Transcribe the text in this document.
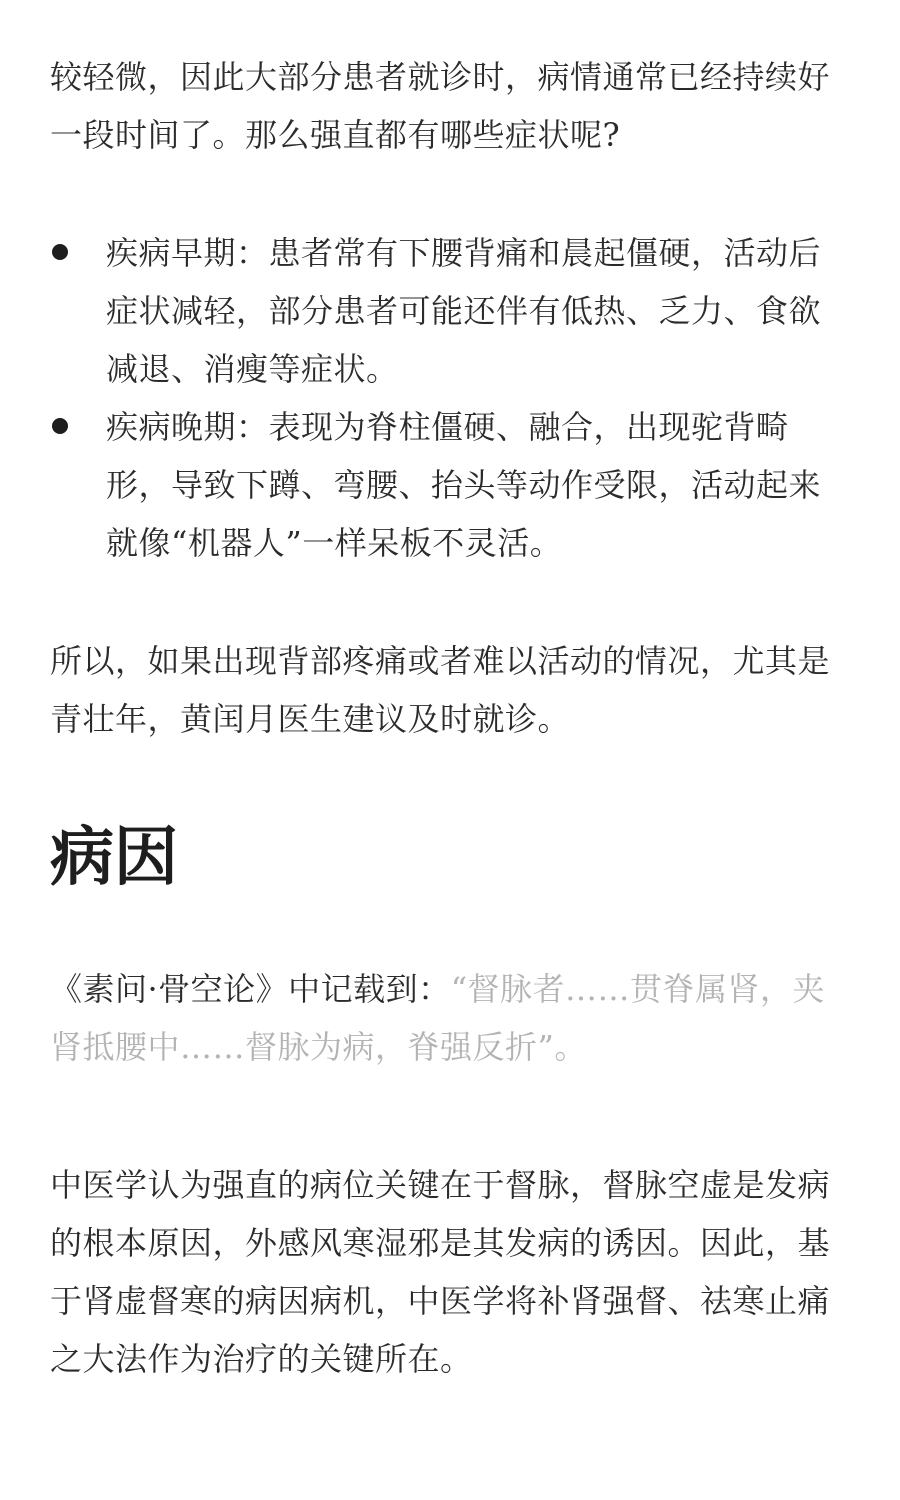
较轻微，因此大部分患者就诊时，病情通常已经持续好一段时间了。那么强直都有哪些症状呢?

疾病早期：患者常有下腰背痛和晨起僵硬，活动后症状减轻，部分患者可能还伴有低热、乏力、食欲减退、消瘦等症状。
疾病晚期：表现为脊柱僵硬、融合，出现驼背畸形，导致下蹲、弯腰、抬头等动作受限，活动起来就像“机器人”一样呆板不灵活。

所以，如果出现背部疼痛或者难以活动的情况，尤其是青壮年，黄闰月医生建议及时就诊。

病因

《素问·骨空论》中记载到：“督脉者……贯脊属肾，夹肾抵腰中……督脉为病，脊强反折”。

中医学认为强直的病位关键在于督脉，督脉空虚是发病的根本原因，外感风寒湿邪是其发病的诱因。因此，基于肾虚督寒的病因病机，中医学将补肾强督、祛寒止痛之大法作为治疗的关键所在。
